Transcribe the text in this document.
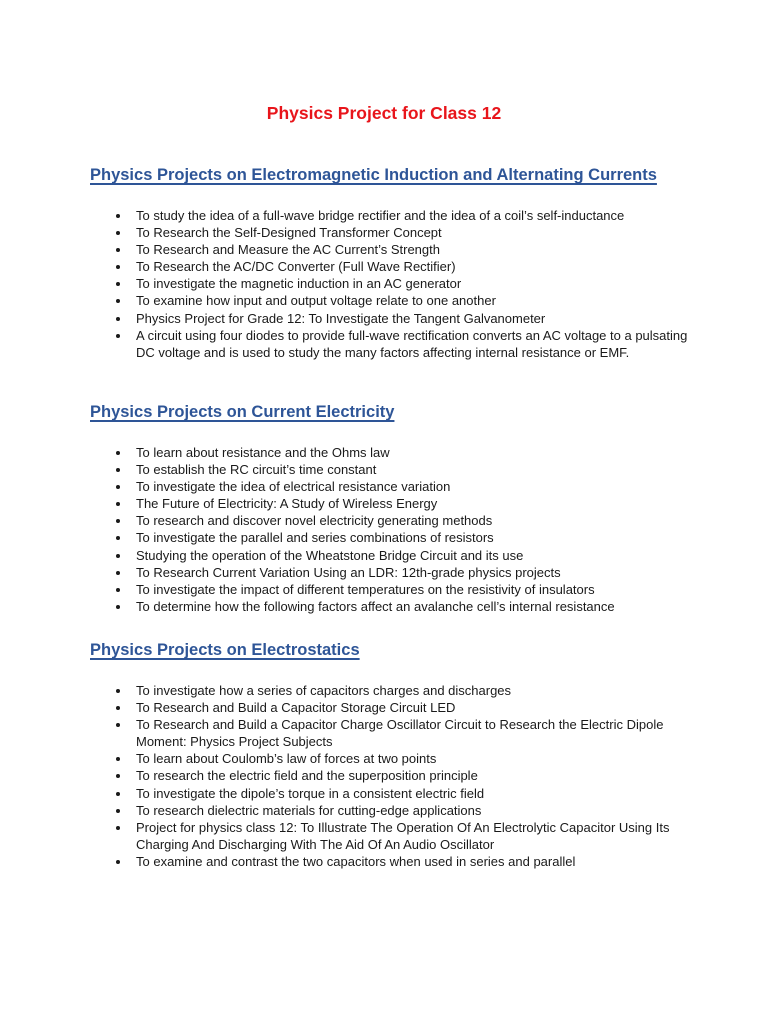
Physics Project for Class 12
Physics Projects on Electromagnetic Induction and Alternating Currents
To study the idea of a full-wave bridge rectifier and the idea of a coil’s self-inductance
To Research the Self-Designed Transformer Concept
To Research and Measure the AC Current’s Strength
To Research the AC/DC Converter (Full Wave Rectifier)
To investigate the magnetic induction in an AC generator
To examine how input and output voltage relate to one another
Physics Project for Grade 12: To Investigate the Tangent Galvanometer
A circuit using four diodes to provide full-wave rectification converts an AC voltage to a pulsating DC voltage and is used to study the many factors affecting internal resistance or EMF.
Physics Projects on Current Electricity
To learn about resistance and the Ohms law
To establish the RC circuit’s time constant
To investigate the idea of electrical resistance variation
The Future of Electricity: A Study of Wireless Energy
To research and discover novel electricity generating methods
To investigate the parallel and series combinations of resistors
Studying the operation of the Wheatstone Bridge Circuit and its use
To Research Current Variation Using an LDR: 12th-grade physics projects
To investigate the impact of different temperatures on the resistivity of insulators
To determine how the following factors affect an avalanche cell’s internal resistance
Physics Projects on Electrostatics
To investigate how a series of capacitors charges and discharges
To Research and Build a Capacitor Storage Circuit LED
To Research and Build a Capacitor Charge Oscillator Circuit to Research the Electric Dipole Moment: Physics Project Subjects
To learn about Coulomb’s law of forces at two points
To research the electric field and the superposition principle
To investigate the dipole’s torque in a consistent electric field
To research dielectric materials for cutting-edge applications
Project for physics class 12: To Illustrate The Operation Of An Electrolytic Capacitor Using Its Charging And Discharging With The Aid Of An Audio Oscillator
To examine and contrast the two capacitors when used in series and parallel
